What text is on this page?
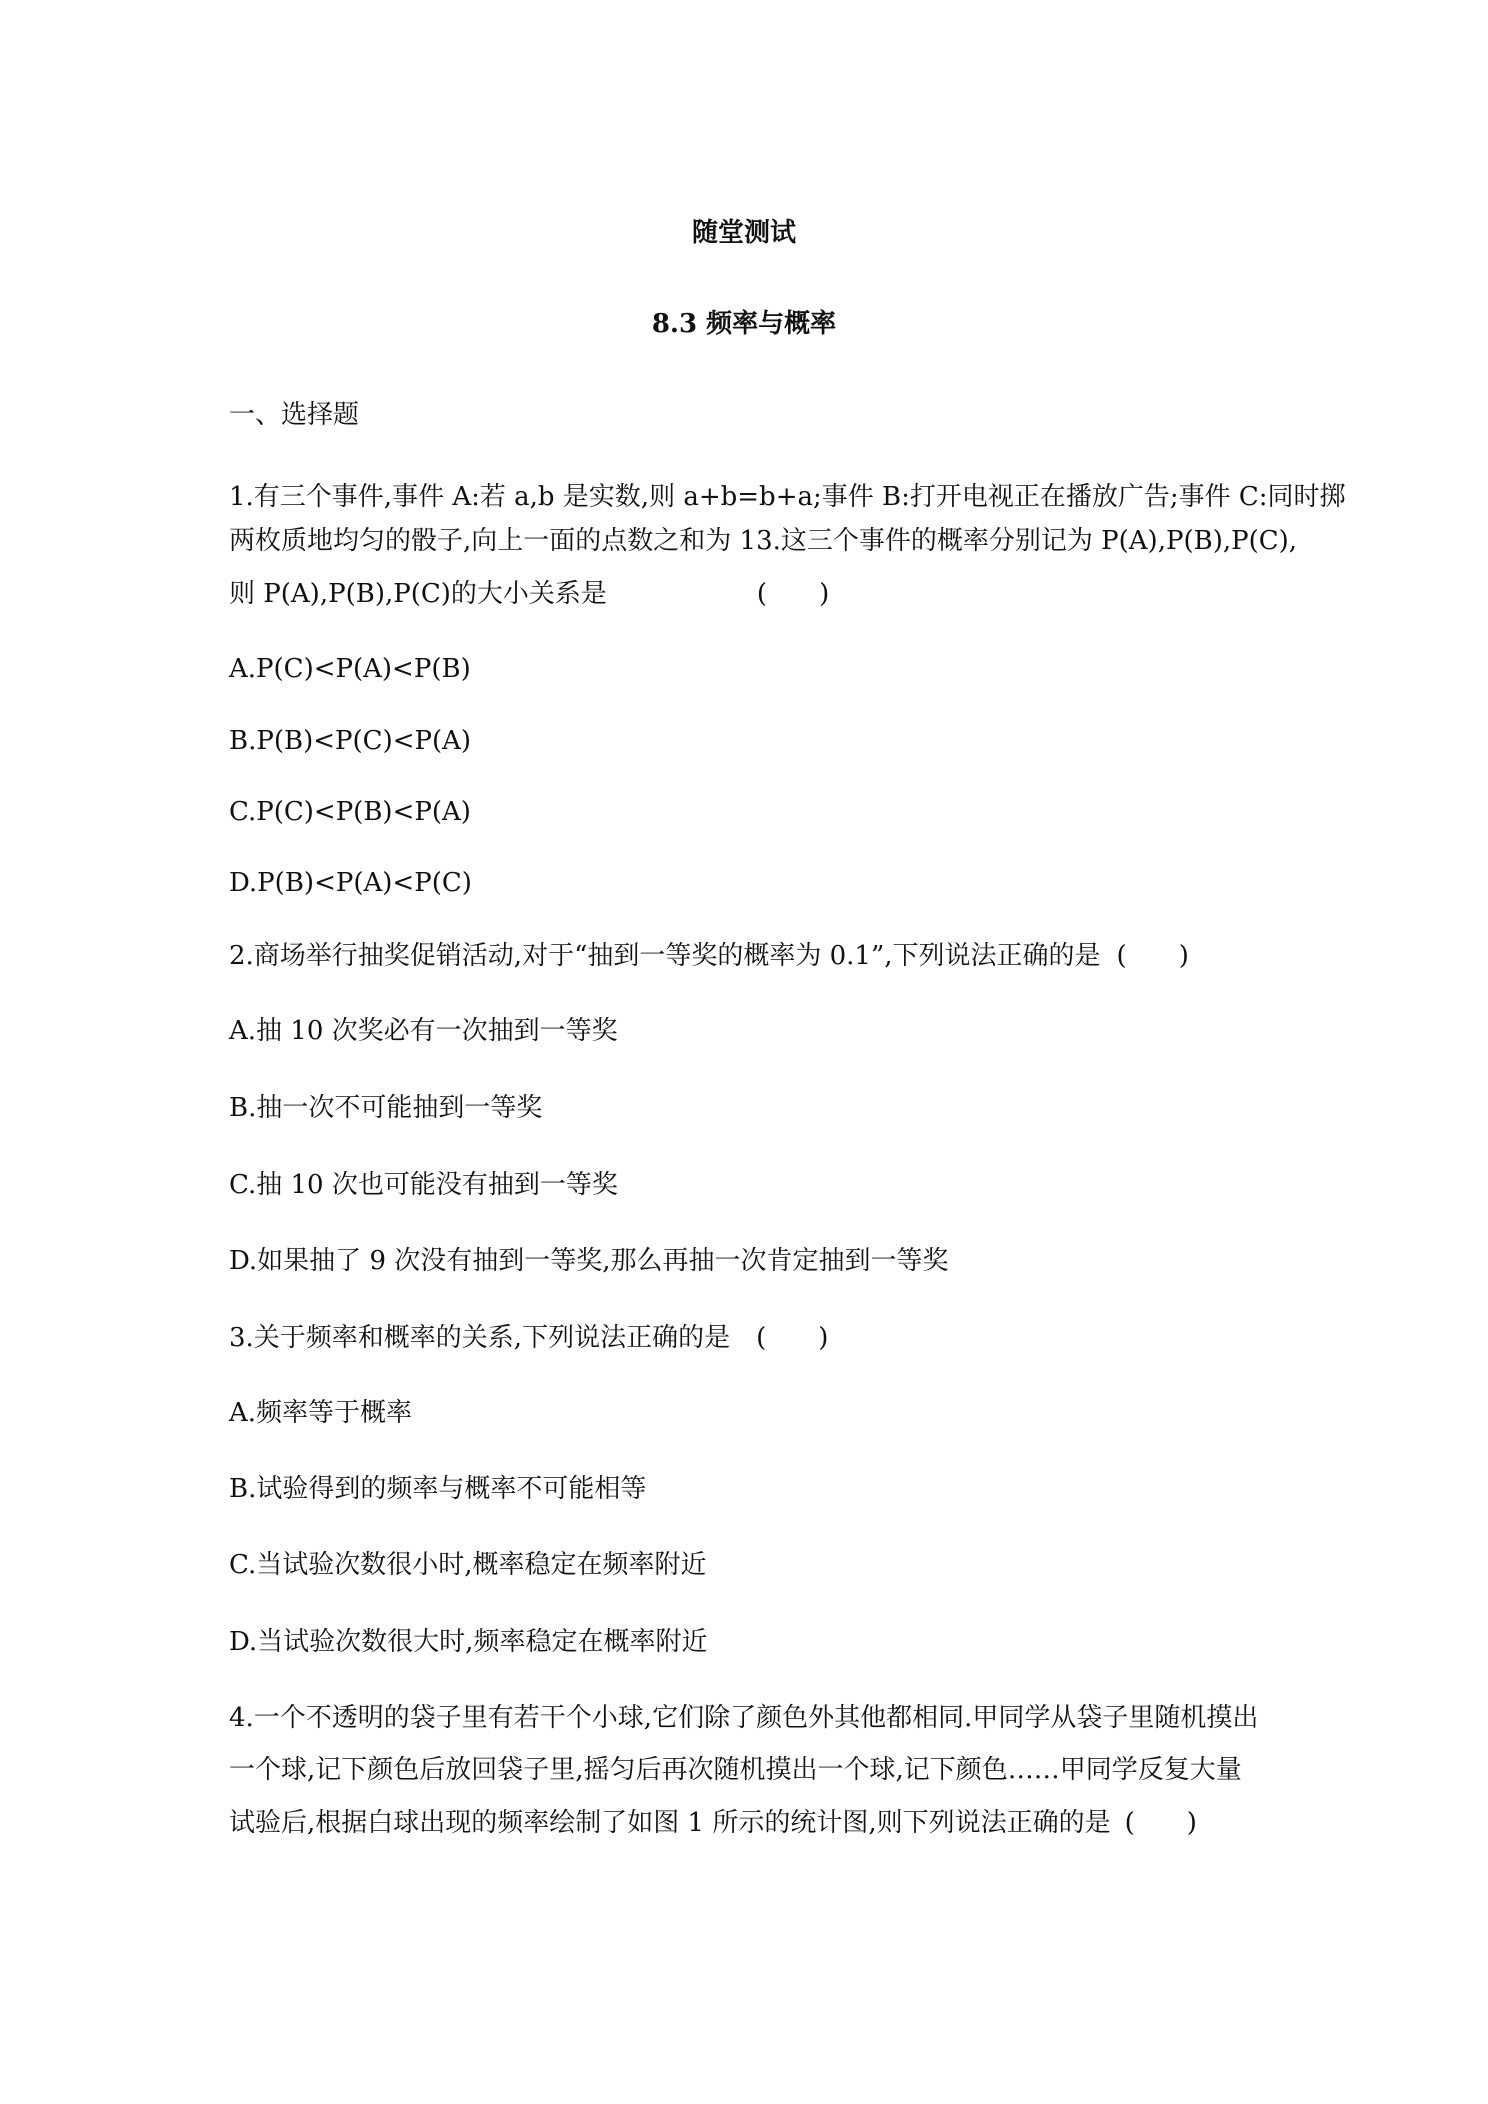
随堂测试

8.3 频率与概率

一、选择题

1.有三个事件,事件 A:若 a,b 是实数,则 a+b=b+a;事件 B:打开电视正在播放广告;事件 C:同时掷

两枚质地均匀的骰子,向上一面的点数之和为 13.这三个事件的概率分别记为 P(A),P(B),P(C),

则 P(A),P(B),P(C)的大小关系是	(　　)

A.P(C)<P(A)<P(B)

B.P(B)<P(C)<P(A)

C.P(C)<P(B)<P(A)

D.P(B)<P(A)<P(C)

2.商场举行抽奖促销活动,对于“抽到一等奖的概率为 0.1”,下列说法正确的是 (　　)

A.抽 10 次奖必有一次抽到一等奖

B.抽一次不可能抽到一等奖

C.抽 10 次也可能没有抽到一等奖

D.如果抽了 9 次没有抽到一等奖,那么再抽一次肯定抽到一等奖

3.关于频率和概率的关系,下列说法正确的是 (　　)

A.频率等于概率

B.试验得到的频率与概率不可能相等

C.当试验次数很小时,概率稳定在频率附近

D.当试验次数很大时,频率稳定在概率附近

4.一个不透明的袋子里有若干个小球,它们除了颜色外其他都相同.甲同学从袋子里随机摸出

一个球,记下颜色后放回袋子里,摇匀后再次随机摸出一个球,记下颜色……甲同学反复大量

试验后,根据白球出现的频率绘制了如图 1 所示的统计图,则下列说法正确的是 (　　)
